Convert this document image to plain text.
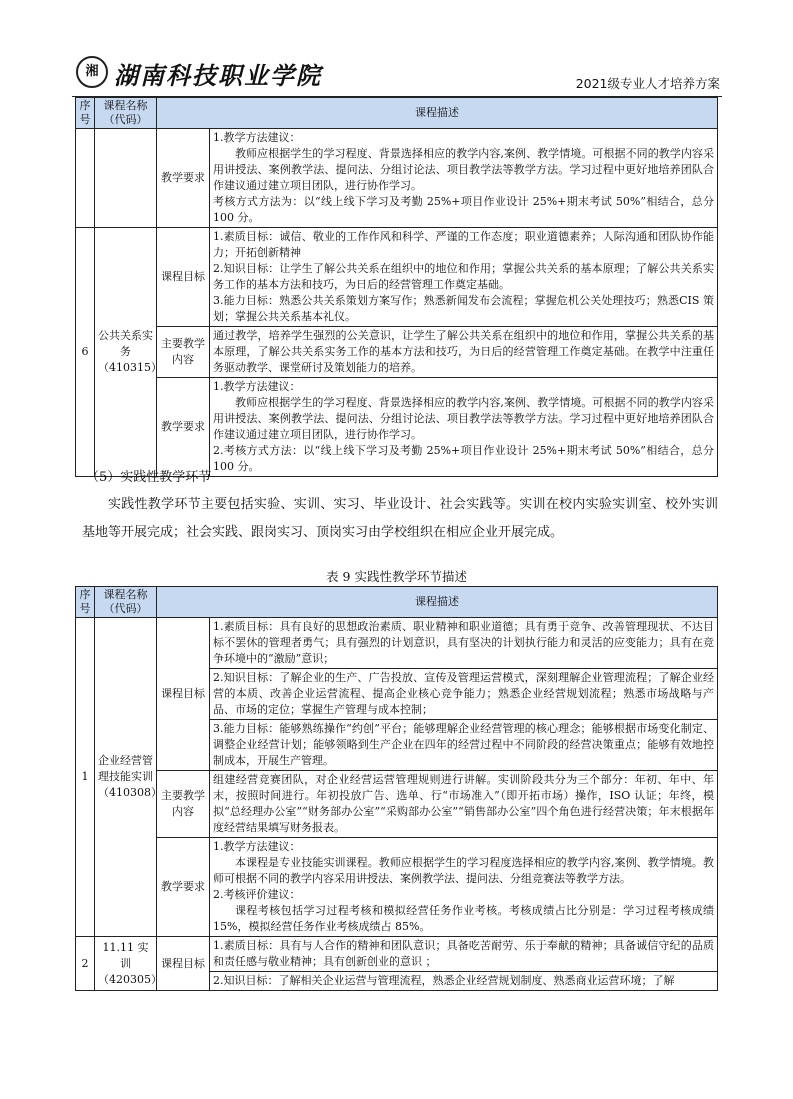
湘 湖南科技职业学院	2021级专业人才培养方案
序号	课程名称（代码）	课程描述	
		教学要求	1.教学方法建议：
教师应根据学生的学习程度、背景选择相应的教学内容,案例、教学情境。可根据不同的教学内容采用讲授法、案例教学法、提问法、分组讨论法、项目教学法等教学方法。学习过程中更好地培养团队合作建议通过建立项目团队，进行协作学习。
考核方式方法为：以“线上线下学习及考勤 25%+项目作业设计 25%+期末考试 50%”相结合，总分 100 分。

6	公共关系实务
（410315）	课程目标	1.素质目标：诚信、敬业的工作作风和科学、严谨的工作态度；职业道德素养；人际沟通和团队协作能力；开拓创新精神
2.知识目标：让学生了解公共关系在组织中的地位和作用；掌握公共关系的基本原理；了解公共关系实务工作的基本方法和技巧，为日后的经营管理工作奠定基础。
3.能力目标：熟悉公共关系策划方案写作；熟悉新闻发布会流程；掌握危机公关处理技巧；熟悉CIS 策划；掌握公共关系基本礼仪。

		主要教学内容	通过教学，培养学生强烈的公关意识，让学生了解公共关系在组织中的地位和作用，掌握公共关系的基本原理，了解公共关系实务工作的基本方法和技巧，为日后的经营管理工作奠定基础。在教学中注重任务驱动教学、课堂研讨及策划能力的培养。
		教学要求	1.教学方法建议：
教师应根据学生的学习程度、背景选择相应的教学内容,案例、教学情境。可根据不同的教学内容采用讲授法、案例教学法、提问法、分组讨论法、项目教学法等教学方法。学习过程中更好地培养团队合作建议通过建立项目团队，进行协作学习。
2.考核方式方法：以“线上线下学习及考勤 25%+项目作业设计 25%+期末考试 50%”相结合，总分 100 分。
（5）实践性教学环节
实践性教学环节主要包括实验、实训、实习、毕业设计、社会实践等。实训在校内实验实训室、校外实训基地等开展完成；社会实践、跟岗实习、顶岗实习由学校组织在相应企业开展完成。
表 9 实践性教学环节描述
序号	课程名称（代码）	课程描述	
1	企业经营管理技能实训
（410308）	课程目标	1.素质目标：具有良好的思想政治素质、职业精神和职业道德；具有勇于竞争、改善管理现状、不达目标不罢休的管理者勇气；具有强烈的计划意识，具有坚决的计划执行能力和灵活的应变能力；具有在竞争环境中的“激励”意识；
			2.知识目标：了解企业的生产、广告投放、宣传及管理运营模式，深刻理解企业管理流程；了解企业经营的本质、改善企业运营流程、提高企业核心竞争能力；熟悉企业经营规划流程；熟悉市场战略与产品、市场的定位；掌握生产管理与成本控制；
			3.能力目标：能够熟练操作“约创”平台；能够理解企业经营管理的核心理念；能够根据市场变化制定、调整企业经营计划；能够领略到生产企业在四年的经营过程中不同阶段的经营决策重点；能够有效地控制成本，开展生产管理。
		主要教学内容	组建经营竞赛团队，对企业经营运营管理规则进行讲解。实训阶段共分为三个部分：年初、年中、年末，按照时间进行。年初投放广告、选单、行“市场准入”（即开拓市场）操作，ISO 认证；年终，模拟“总经理办公室”“财务部办公室”“采购部办公室”“销售部办公室”四个角色进行经营决策；年末根据年度经营结果填写财务报表。
		教学要求	1.教学方法建议：
本课程是专业技能实训课程。教师应根据学生的学习程度选择相应的教学内容,案例、教学情境。教师可根据不同的教学内容采用讲授法、案例教学法、提问法、分组竞赛法等教学方法。
2.考核评价建议：
课程考核包括学习过程考核和模拟经营任务作业考核。考核成绩占比分别是：学习过程考核成绩 15%，模拟经营任务作业考核成绩占 85%。

2	11.11 实训
（420305）	课程目标	1.素质目标：具有与人合作的精神和团队意识；具备吃苦耐劳、乐于奉献的精神；具备诚信守纪的品质和责任感与敬业精神；具有创新创业的意识 ；
			2.知识目标：了解相关企业运营与管理流程，熟悉企业经营规划制度、熟悉商业运营环境；了解
